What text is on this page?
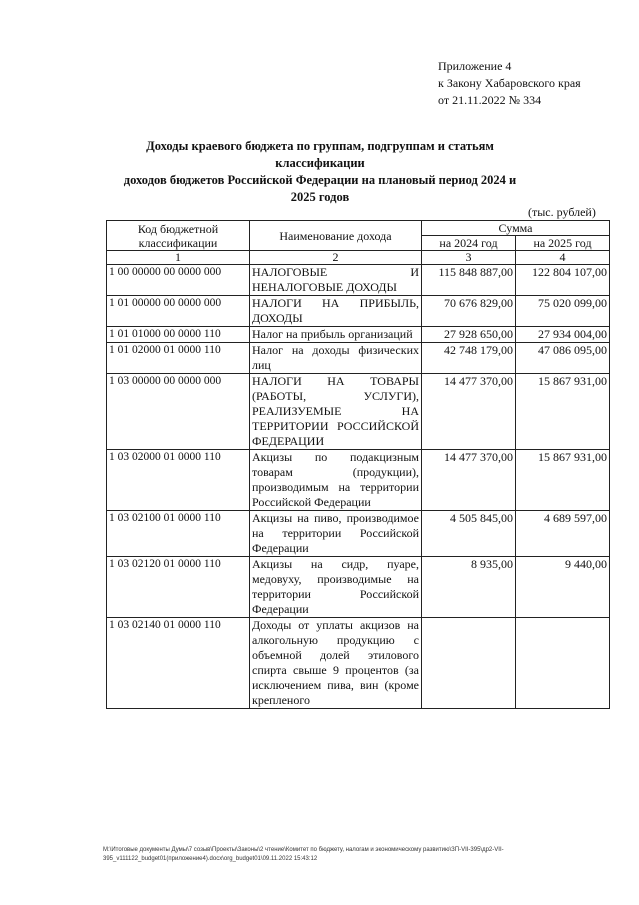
Приложение 4
к Закону Хабаровского края
от 21.11.2022 № 334
Доходы краевого бюджета по группам, подгруппам и статьям классификации
доходов бюджетов Российской Федерации на плановый период 2024 и
2025 годов
(тыс. рублей)
Код бюджетной классификации	Наименование дохода	Сумма	
		на 2024 год	на 2025 год
1	2	3	4
1 00 00000 00 0000 000	НАЛОГОВЫЕ И НЕНАЛОГОВЫЕ ДОХОДЫ	115 848 887,00	122 804 107,00
1 01 00000 00 0000 000	НАЛОГИ НА ПРИБЫЛЬ, ДОХОДЫ	70 676 829,00	75 020 099,00
1 01 01000 00 0000 110	Налог на прибыль организаций	27 928 650,00	27 934 004,00
1 01 02000 01 0000 110	Налог на доходы физических лиц	42 748 179,00	47 086 095,00
1 03 00000 00 0000 000	НАЛОГИ НА ТОВАРЫ (РАБОТЫ, УСЛУГИ), РЕАЛИЗУЕМЫЕ НА ТЕРРИТОРИИ РОССИЙСКОЙ ФЕДЕРАЦИИ	14 477 370,00	15 867 931,00
1 03 02000 01 0000 110	Акцизы по подакцизным товарам (продукции), производимым на территории Российской Федерации	14 477 370,00	15 867 931,00
1 03 02100 01 0000 110	Акцизы на пиво, производимое на территории Российской Федерации	4 505 845,00	4 689 597,00
1 03 02120 01 0000 110	Акцизы на сидр, пуаре, медовуху, производимые на территории Российской Федерации	8 935,00	9 440,00
1 03 02140 01 0000 110	Доходы от уплаты акцизов на алкогольную продукцию с объемной долей этилового спирта свыше 9 процентов (за исключением пива, вин (кроме крепленого		
M:\Итоговые документы Думы\7 созыв\Проекты\Законы\2 чтение\Комитет по бюджету, налогам и экономическому развитию\ЗП-VII-395\др2-VII-395_v111122_budget01(приложение4).docx\org_budget01\09.11.2022 15:43:12
